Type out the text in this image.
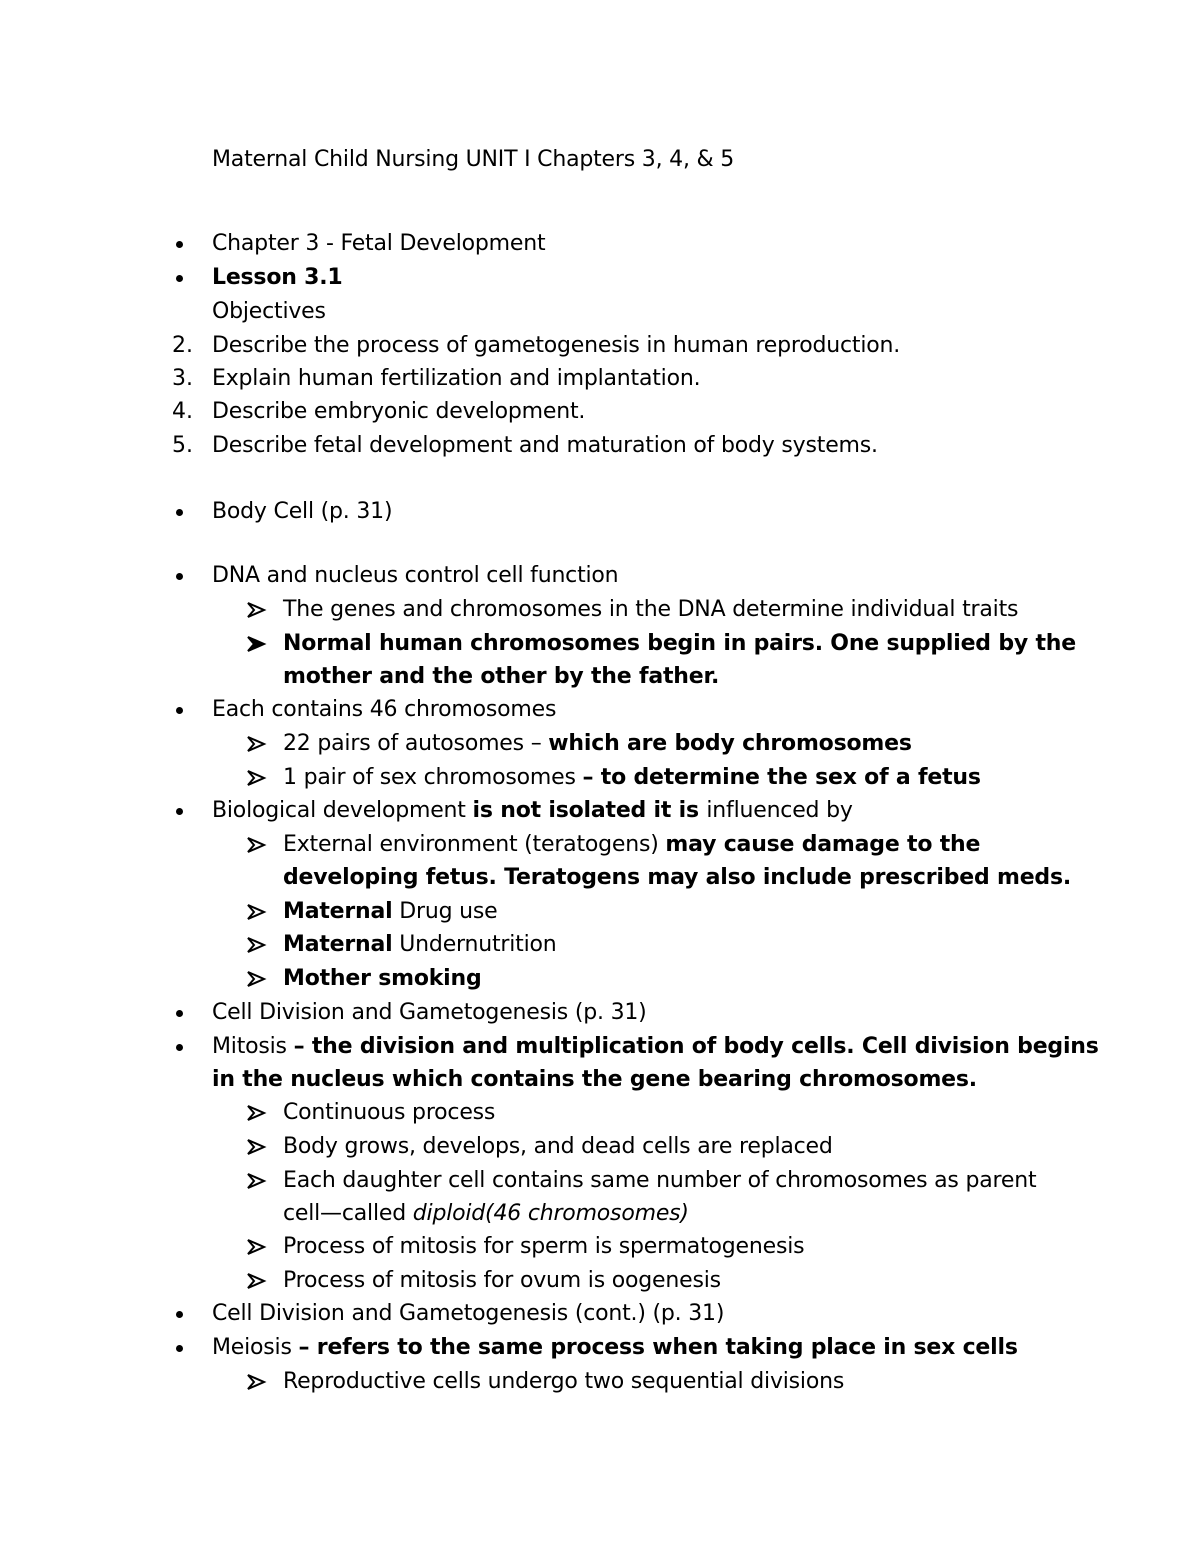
Maternal Child Nursing UNIT I Chapters 3, 4, & 5
Chapter 3 - Fetal Development
Lesson 3.1
Objectives
2. Describe the process of gametogenesis in human reproduction.
3. Explain human fertilization and implantation.
4. Describe embryonic development.
5. Describe fetal development and maturation of body systems.
Body Cell (p. 31)
DNA and nucleus control cell function
The genes and chromosomes in the DNA determine individual traits
Normal human chromosomes begin in pairs. One supplied by the
mother and the other by the father.
Each contains 46 chromosomes
22 pairs of autosomes – which are body chromosomes
1 pair of sex chromosomes – to determine the sex of a fetus
Biological development is not isolated it is influenced by
External environment (teratogens) may cause damage to the
developing fetus. Teratogens may also include prescribed meds.
Maternal Drug use
Maternal Undernutrition
Mother smoking
Cell Division and Gametogenesis (p. 31)
Mitosis – the division and multiplication of body cells. Cell division begins
in the nucleus which contains the gene bearing chromosomes.
Continuous process
Body grows, develops, and dead cells are replaced
Each daughter cell contains same number of chromosomes as parent
cell—called diploid(46 chromosomes)
Process of mitosis for sperm is spermatogenesis
Process of mitosis for ovum is oogenesis
Cell Division and Gametogenesis (cont.) (p. 31)
Meiosis – refers to the same process when taking place in sex cells
Reproductive cells undergo two sequential divisions
